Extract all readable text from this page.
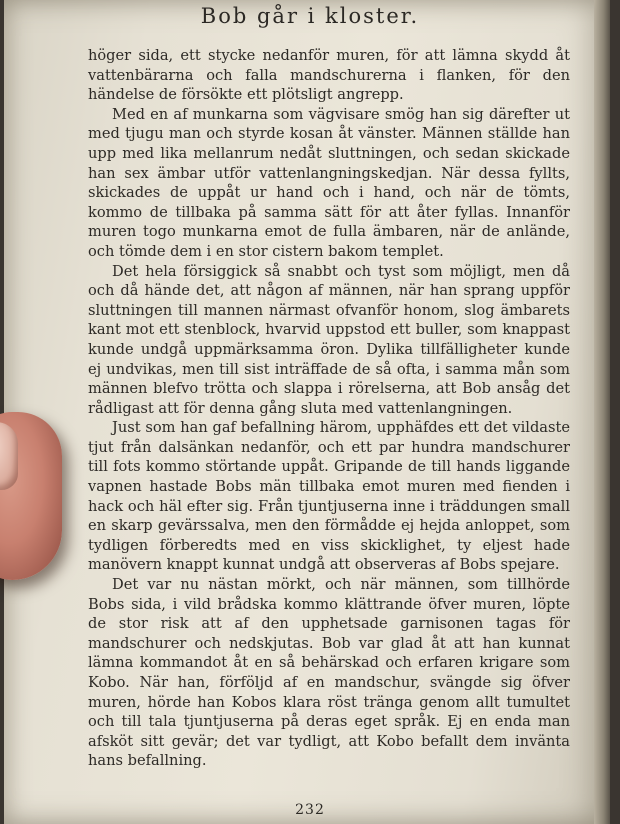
Bob går i kloster.

höger sida, ett stycke nedanför muren, för att lämna skydd åt vattenbärarna och falla mandschurerna i flanken, för den händelse de försökte ett plötsligt angrepp.

Med en af munkarna som vägvisare smög han sig därefter ut med tjugu man och styrde kosan åt vänster. Männen ställde han upp med lika mellanrum nedåt sluttningen, och sedan skickade han sex ämbar utför vattenlangningskedjan. När dessa fyllts, skickades de uppåt ur hand och i hand, och när de tömts, kommo de tillbaka på samma sätt för att åter fyllas. Innanför muren togo munkarna emot de fulla ämbaren, när de anlände, och tömde dem i en stor cistern bakom templet.

Det hela försiggick så snabbt och tyst som möjligt, men då och då hände det, att någon af männen, när han sprang uppför sluttningen till mannen närmast ofvanför honom, slog ämbarets kant mot ett stenblock, hvarvid uppstod ett buller, som knappast kunde undgå uppmärksamma öron. Dylika tillfälligheter kunde ej undvikas, men till sist inträffade de så ofta, i samma mån som männen blefvo trötta och slappa i rörelserna, att Bob ansåg det rådligast att för denna gång sluta med vattenlangningen.

Just som han gaf befallning härom, upphäfdes ett det vildaste tjut från dalsänkan nedanför, och ett par hundra mandschurer till fots kommo störtande uppåt. Gripande de till hands liggande vapnen hastade Bobs män tillbaka emot muren med fienden i hack och häl efter sig. Från tjuntjuserna inne i träddungen small en skarp gevärssalva, men den förmådde ej hejda anloppet, som tydligen förberedts med en viss skicklighet, ty eljest hade manövern knappt kunnat undgå att observeras af Bobs spejare.

Det var nu nästan mörkt, och när männen, som tillhörde Bobs sida, i vild brådska kommo klättrande öfver muren, löpte de stor risk att af den upphetsade garnisonen tagas för mandschurer och nedskjutas. Bob var glad åt att han kunnat lämna kommandot åt en så behärskad och erfaren krigare som Kobo. När han, förföljd af en mandschur, svängde sig öfver muren, hörde han Kobos klara röst tränga genom allt tumultet och till tala tjuntjuserna på deras eget språk. Ej en enda man afsköt sitt gevär; det var tydligt, att Kobo befallt dem invänta hans befallning.

232
